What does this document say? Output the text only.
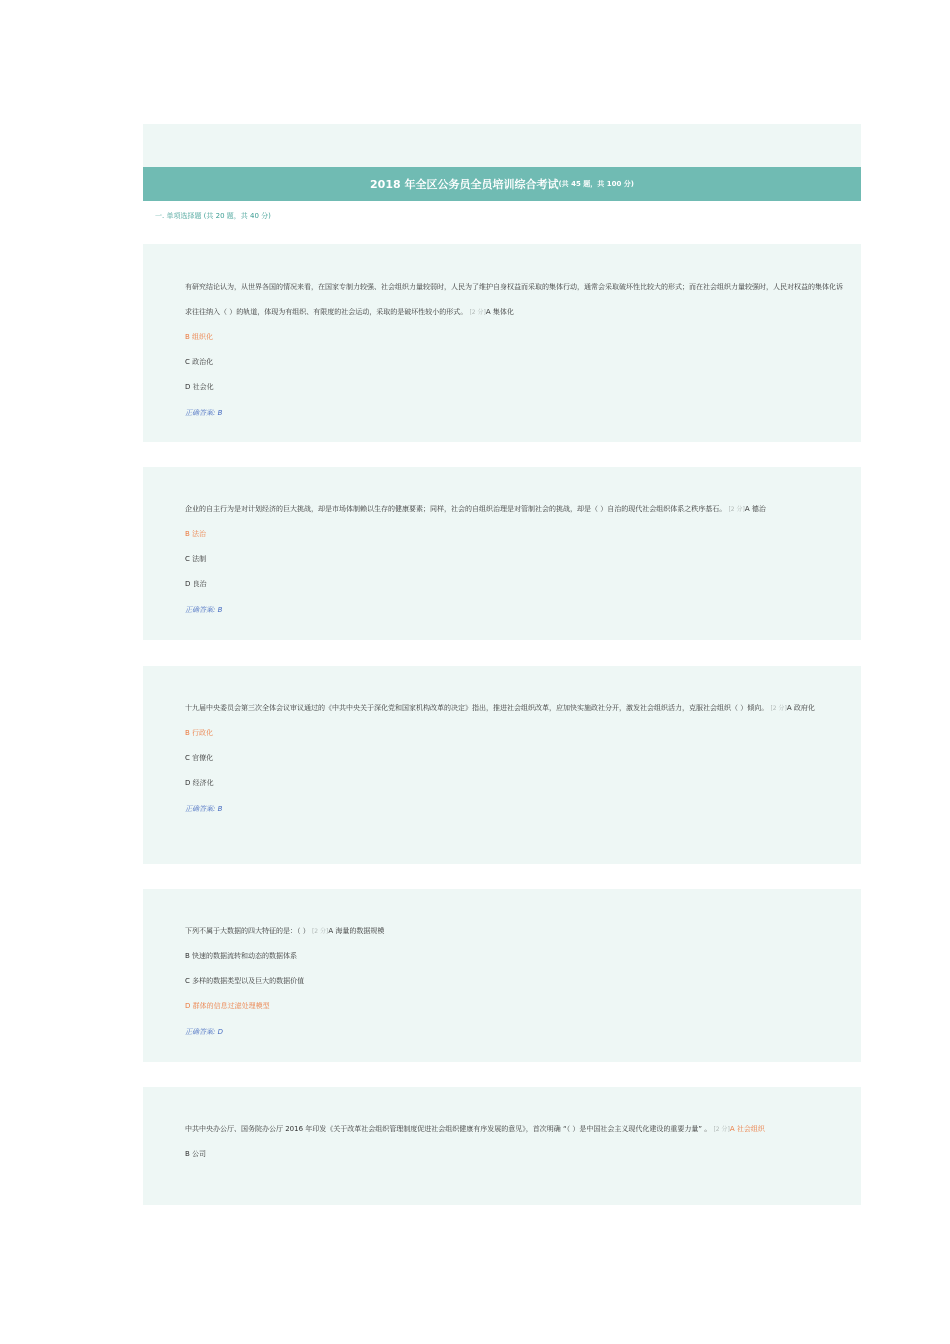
2018 年全区公务员全员培训综合考试 (共 45 题，共 100 分)
一. 单项选择题 (共 20 题，共 40 分)

有研究结论认为，从世界各国的情况来看，在国家专制力较强、社会组织力量较弱时，人民为了维护自身权益而采取的集体行动，通常会采取破坏性比较大的形式；而在社会组织力量较强时，人民对权益的集体化诉求往往纳入（ ）的轨道，体现为有组织、有限度的社会运动，采取的是破坏性较小的形式。 [2 分]A 集体化

B 组织化
C 政治化
D 社会化
正确答案: B

企业的自主行为是对计划经济的巨大挑战，却是市场体制赖以生存的健康要素；同样，社会的自组织治理是对管制社会的挑战，却是（ ）自治的现代社会组织体系之秩序基石。 [2 分]A 德治

B 法治
C 法制
D 良治
正确答案: B

十九届中央委员会第三次全体会议审议通过的《中共中央关于深化党和国家机构改革的决定》指出，推进社会组织改革，应加快实施政社分开，激发社会组织活力，克服社会组织（ ）倾向。 [2 分]A 政府化

B 行政化
C 官僚化
D 经济化
正确答案: B

下列不属于大数据的四大特征的是：（ ） [2 分]A 海量的数据规模

B 快速的数据流转和动态的数据体系
C 多样的数据类型以及巨大的数据价值
D 群体的信息过滤处理模型
正确答案: D

中共中央办公厅、国务院办公厅 2016 年印发《关于改革社会组织管理制度促进社会组织健康有序发展的意见》，首次明确 “（ ）是中国社会主义现代化建设的重要力量” 。 [2 分]A 社会组织

B 公司
